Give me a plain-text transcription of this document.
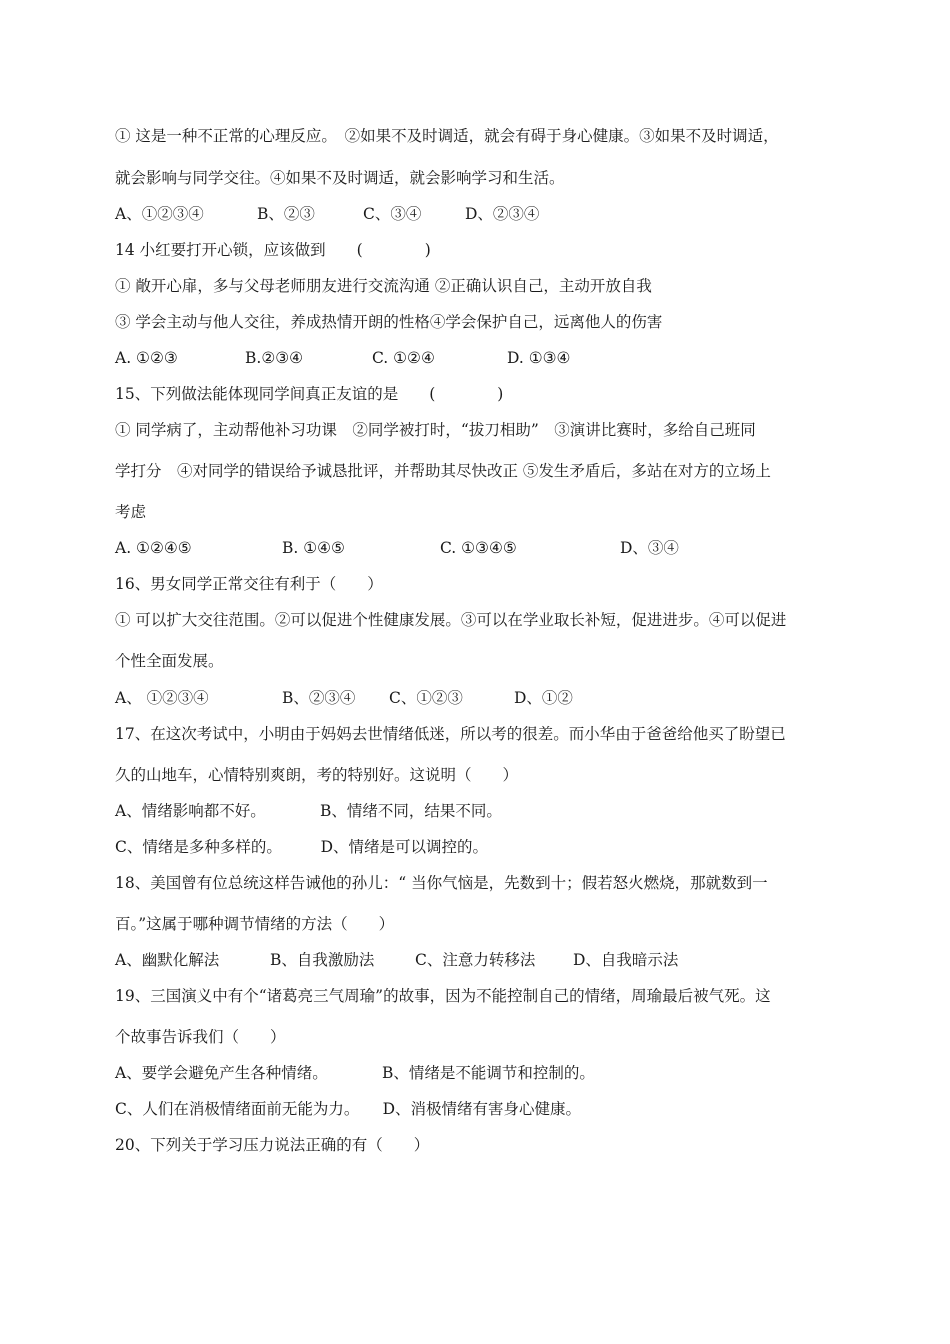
① 这是一种不正常的心理反应。　②如果不及时调适，就会有碍于身心健康。③如果不及时调适，
就会影响与同学交往。④如果不及时调适，就会影响学习和生活。
A、①②③④	B、②③	C、③④	D、②③④
14 小红要打开心锁，应该做到　　(　　　　)
① 敞开心扉，多与父母老师朋友进行交流沟通 ②正确认识自己，主动开放自我
③ 学会主动与他人交往，养成热情开朗的性格④学会保护自己，远离他人的伤害
A. ①②③	B.②③④	C. ①②④	D. ①③④
15、下列做法能体现同学间真正友谊的是　　(　　　　)
① 同学病了，主动帮他补习功课　②同学被打时，“拔刀相助”　③演讲比赛时，多给自己班同
学打分　④对同学的错误给予诚恳批评，并帮助其尽快改正 ⑤发生矛盾后，多站在对方的立场上
考虑
A. ①②④⑤	B. ①④⑤	C. ①③④⑤	D、③④
16、男女同学正常交往有利于（　　）
① 可以扩大交往范围。②可以促进个性健康发展。③可以在学业取长补短，促进进步。④可以促进
个性全面发展。
A、 ①②③④	B、②③④ C、①②③	D、①②
17、在这次考试中，小明由于妈妈去世情绪低迷，所以考的很差。而小华由于爸爸给他买了盼望已
久的山地车，心情特别爽朗，考的特别好。这说明（　　）
A、情绪影响都不好。　　　　B、情绪不同，结果不同。
C、情绪是多种多样的。　　　D、情绪是可以调控的。
18、美国曾有位总统这样告诫他的孙儿：“ 当你气恼是，先数到十；假若怒火燃烧，那就数到一
百。”这属于哪种调节情绪的方法（　　）
A、幽默化解法	B、自我激励法	C、注意力转移法 D、自我暗示法
19、三国演义中有个“诸葛亮三气周瑜”的故事，因为不能控制自己的情绪，周瑜最后被气死。这
个故事告诉我们（　　）
A、要学会避免产生各种情绪。　　　　B、情绪是不能调节和控制的。
C、人们在消极情绪面前无能为力。　　D、消极情绪有害身心健康。
20、下列关于学习压力说法正确的有（　　）
